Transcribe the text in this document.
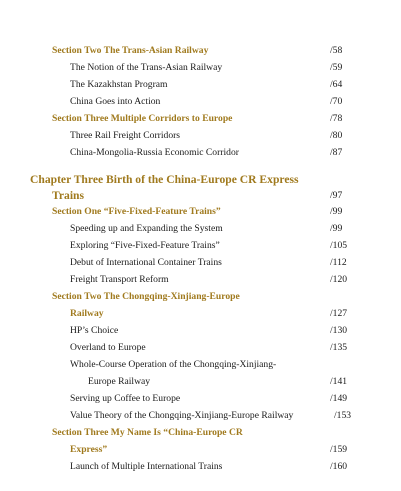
Section Two The Trans-Asian Railway	/58
The Notion of the Trans-Asian Railway	/59
The Kazakhstan Program	/64
China Goes into Action	/70
Section Three Multiple Corridors to Europe	/78
Three Rail Freight Corridors	/80
China-Mongolia-Russia Economic Corridor	/87
Chapter Three Birth of the China-Europe CR Express
Trains	/97
Section One “Five-Fixed-Feature Trains”	/99
Speeding up and Expanding the System	/99
Exploring “Five-Fixed-Feature Trains”	/105
Debut of International Container Trains	/112
Freight Transport Reform	/120
Section Two The Chongqing-Xinjiang-Europe
Railway	/127
HP’s Choice	/130
Overland to Europe	/135
Whole-Course Operation of the Chongqing-Xinjiang-
Europe Railway	/141
Serving up Coffee to Europe	/149
Value Theory of the Chongqing-Xinjiang-Europe Railway	/153
Section Three My Name Is “China-Europe CR
Express”	/159
Launch of Multiple International Trains	/160
